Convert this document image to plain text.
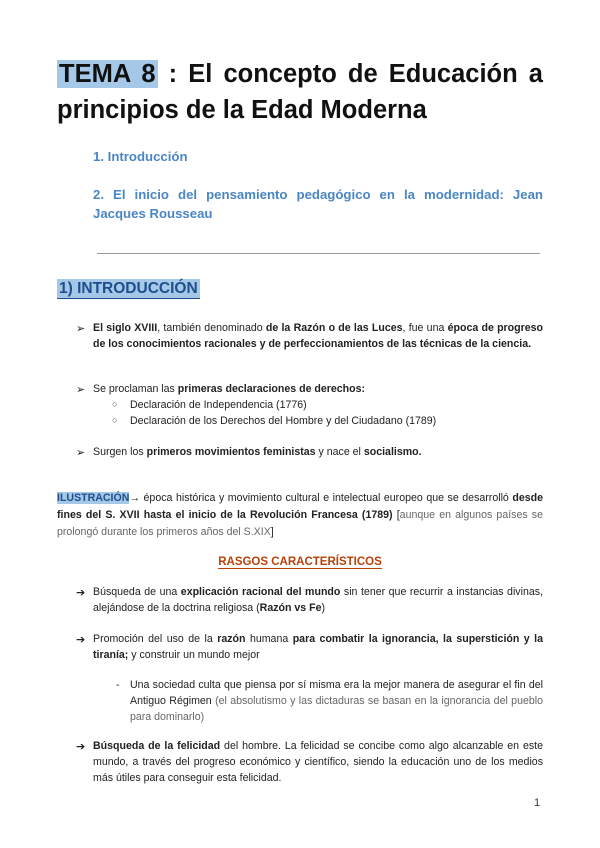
TEMA 8 : El concepto de Educación a principios de la Edad Moderna
1. Introducción
2. El inicio del pensamiento pedagógico en la modernidad: Jean Jacques Rousseau
1) INTRODUCCIÓN
➢ El siglo XVIII, también denominado de la Razón o de las Luces, fue una época de progreso de los conocimientos racionales y de perfeccionamientos de las técnicas de la ciencia.
➢ Se proclaman las primeras declaraciones de derechos:
○ Declaración de Independencia (1776)
○ Declaración de los Derechos del Hombre y del Ciudadano (1789)
➢ Surgen los primeros movimientos feministas y nace el socialismo.
ILUSTRACIÓN→ época histórica y movimiento cultural e intelectual europeo que se desarrolló desde fines del S. XVII hasta el inicio de la Revolución Francesa (1789) [aunque en algunos países se prolongó durante los primeros años del S.XIX]
RASGOS CARACTERÍSTICOS
➔ Búsqueda de una explicación racional del mundo sin tener que recurrir a instancias divinas, alejándose de la doctrina religiosa (Razón vs Fe)
➔ Promoción del uso de la razón humana para combatir la ignorancia, la superstición y la tiranía; y construir un mundo mejor
- Una sociedad culta que piensa por sí misma era la mejor manera de asegurar el fin del Antiguo Régimen (el absolutismo y las dictaduras se basan en la ignorancia del pueblo para dominarlo)
➔ Búsqueda de la felicidad del hombre. La felicidad se concibe como algo alcanzable en este mundo, a través del progreso económico y científico, siendo la educación uno de los medios más útiles para conseguir esta felicidad.
1
